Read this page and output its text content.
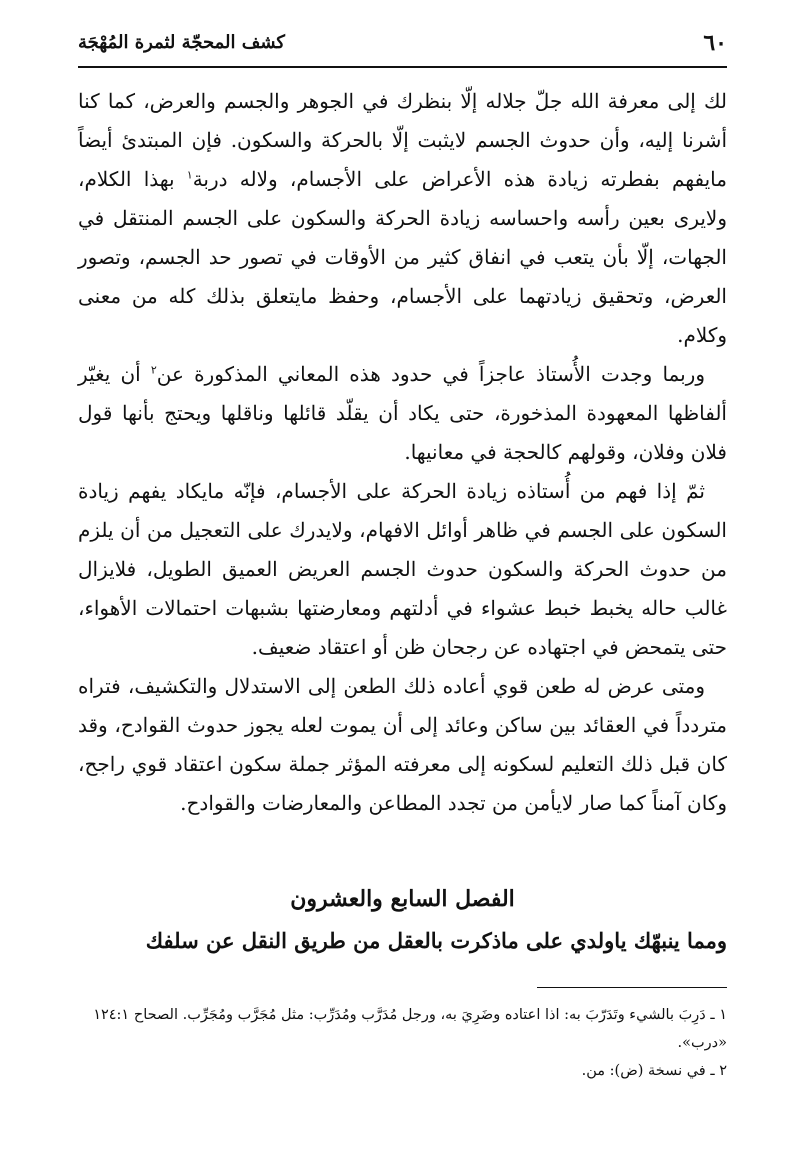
٦٠
كشف المحجّة لثمرة المُهْجَة

لك إلى معرفة الله جلّ جلاله إلّا بنظرك في الجوهر والجسم والعرض، كما كنا أشرنا إليه، وأن حدوث الجسم لايثبت إلّا بالحركة والسكون. فإن المبتدئ أيضاً مايفهم بفطرته زيادة هذه الأعراض على الأجسام، ولاله دربة$^١$ بهذا الكلام، ولايرى بعين رأسه واحساسه زيادة الحركة والسكون على الجسم المنتقل في الجهات، إلّا بأن يتعب في انفاق كثير من الأوقات في تصور حد الجسم، وتصور العرض، وتحقيق زيادتهما على الأجسام، وحفظ مايتعلق بذلك كله من معنى وكلام.

وربما وجدت الأُستاذ عاجزاً في حدود هذه المعاني المذكورة عن$^٢$ أن يغيّر ألفاظها المعهودة المذخورة، حتى يكاد أن يقلّد قائلها وناقلها ويحتج بأنها قول فلان وفلان، وقولهم كالحجة في معانيها.

ثمّ إذا فهم من أُستاذه زيادة الحركة على الأجسام، فإنّه مايكاد يفهم زيادة السكون على الجسم في ظاهر أوائل الافهام، ولايدرك على التعجيل من أن يلزم من حدوث الحركة والسكون حدوث الجسم العريض العميق الطويل، فلايزال غالب حاله يخبط خبط عشواء في أدلتهم ومعارضتها بشبهات احتمالات الأهواء، حتى يتمحض في اجتهاده عن رجحان ظن أو اعتقاد ضعيف.

ومتى عرض له طعن قوي أعاده ذلك الطعن إلى الاستدلال والتكشيف، فتراه متردداً في العقائد بين ساكن وعائد إلى أن يموت لعله يجوز حدوث القوادح، وقد كان قبل ذلك التعليم لسكونه إلى معرفته المؤثر جملة سكون اعتقاد قوي راجح، وكان آمناً كما صار لايأمن من تجدد المطاعن والمعارضات والقوادح.

الفصل السابع والعشرون
ومما ينبهّك ياولدي على ماذكرت بالعقل من طريق النقل عن سلفك

١ ـ دَرِبَ بالشيء وتَدَرّبَ به: اذا اعتاده وضَرِيَ به، ورجل مُدَرَّب ومُدَرِّب: مثل مُجَرَّب ومُجَرِّب. الصحاح ١٢٤:١ «درب».

٢ ـ في نسخة (ض): من.
